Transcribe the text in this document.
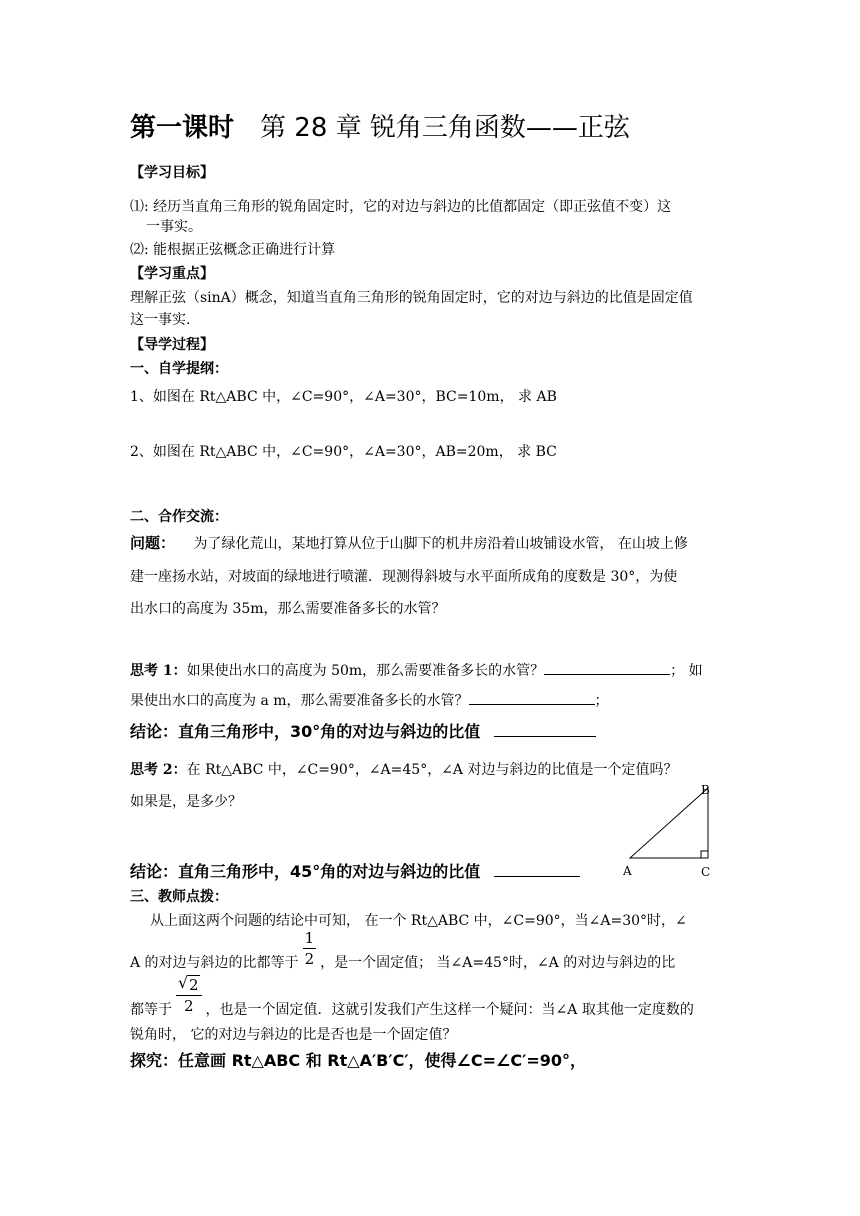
第一课时 第 28 章 锐角三角函数——正弦
【学习目标】
⑴: 经历当直角三角形的锐角固定时，它的对边与斜边的比值都固定（即正弦值不变）这
一事实。
⑵: 能根据正弦概念正确进行计算
【学习重点】
理解正弦（sinA）概念，知道当直角三角形的锐角固定时，它的对边与斜边的比值是固定值
这一事实.
【导学过程】
一、自学提纲：
1、如图在 Rt△ABC 中，∠C=90°，∠A=30°，BC=10m， 求 AB
2、如图在 Rt△ABC 中，∠C=90°，∠A=30°，AB=20m， 求 BC
二、合作交流：
问题： 为了绿化荒山，某地打算从位于山脚下的机井房沿着山坡铺设水管， 在山坡上修
建一座扬水站，对坡面的绿地进行喷灌．现测得斜坡与水平面所成角的度数是 30°，为使
出水口的高度为 35m，那么需要准备多长的水管？
思考 1：如果使出水口的高度为 50m，那么需要准备多长的水管？	； 如
果使出水口的高度为 a m，那么需要准备多长的水管？	；
结论：直角三角形中，30°角的对边与斜边的比值
思考 2：在 Rt△ABC 中，∠C=90°，∠A=45°，∠A 对边与斜边的比值是一个定值吗？
如果是，是多少？
B
A	C
结论：直角三角形中，45°角的对边与斜边的比值
三、教师点拨：
从上面这两个问题的结论中可知， 在一个 Rt△ABC 中，∠C=90°，当∠A=30°时，∠
A 的对边与斜边的比都等于 $\frac{1}{2}$ ，是一个固定值； 当∠A=45°时，∠A 的对边与斜边的比
都等于 $\frac{√ 2}{2}$ ，也是一个固定值．这就引发我们产生这样一个疑问：当∠A 取其他一定度数的
锐角时， 它的对边与斜边的比是否也是一个固定值？
探究：任意画 Rt△ABC 和 Rt△A′B′C′，使得∠C=∠C′=90°，
